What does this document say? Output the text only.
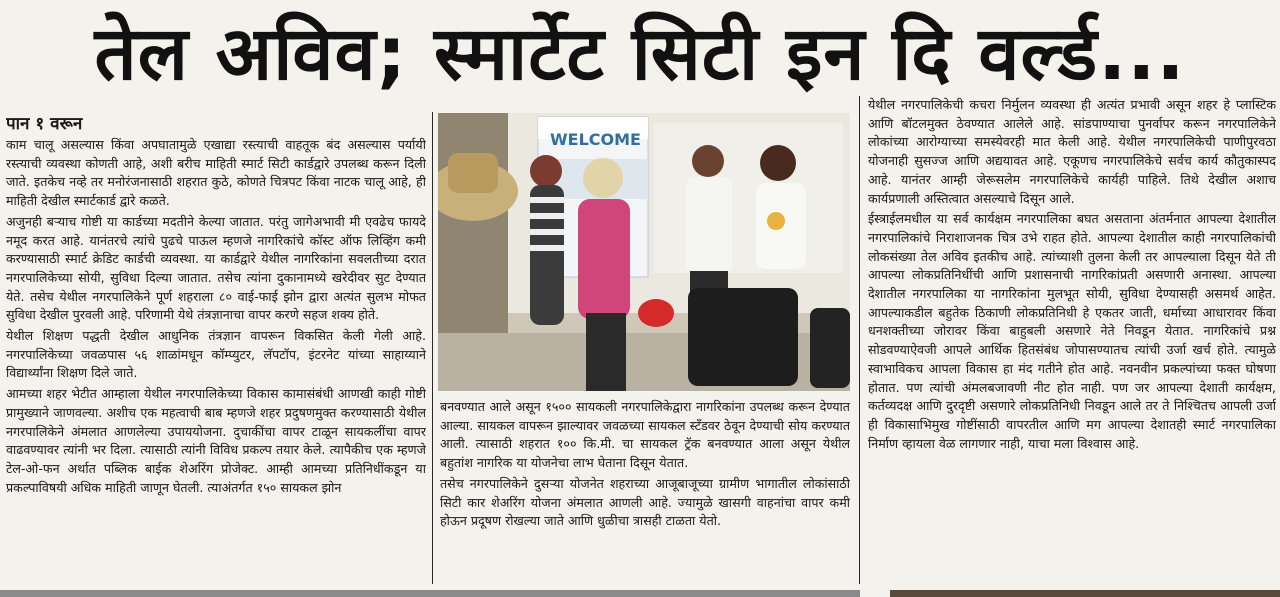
तेल अविव; स्मार्टेट सिटी इन दि वर्ल्ड...
पान १ वरून

काम चालू असल्यास किंवा अपघातामुळे एखाद्या रस्त्याची वाहतूक बंद असल्यास पर्यायी रस्त्याची व्यवस्था कोणती आहे, अशी बरीच माहिती स्मार्ट सिटी कार्डद्वारे उपलब्ध करून दिली जाते. इतकेच नव्हे तर मनोरंजनासाठी शहरात कुठे, कोणते चित्रपट किंवा नाटक चालू आहे, ही माहिती देखील स्मार्टकार्ड द्वारे कळते.

अजुनही बऱ्याच गोष्टी या कार्डच्या मदतीने केल्या जातात. परंतु जागेअभावी मी एवढेच फायदे नमूद करत आहे. यानंतरचे त्यांचे पुढचे पाऊल म्हणजे नागरिकांचे कॉस्ट ऑफ लिव्हिंग कमी करण्यासाठी स्मार्ट क्रेडिट कार्डची व्यवस्था. या कार्डद्वारे येथील नागरिकांना सवलतीच्या दरात नगरपालिकेच्या सोयी, सुविधा दिल्या जातात. तसेच त्यांना दुकानामध्ये खरेदीवर सुट देण्यात येते. तसेच येथील नगरपालिकेने पूर्ण शहराला ८० वाई-फाई झोन द्वारा अत्यंत सुलभ मोफत सुविधा देखील पुरवली आहे. परिणामी येथे तंत्रज्ञानाचा वापर करणे सहज शक्य होते.

येथील शिक्षण पद्धती देखील आधुनिक तंत्रज्ञान वापरून विकसित केली गेली आहे. नगरपालिकेच्या जवळपास ५६ शाळांमधून कॉम्प्युटर, लॅपटॉप, इंटरनेट यांच्या साहाय्याने विद्यार्थ्यांना शिक्षण दिले जाते.

आमच्या शहर भेटीत आम्हाला येथील नगरपालिकेच्या विकास कामासंबंधी आणखी काही गोष्टी प्रामुख्याने जाणवल्या. अशीच एक महत्वाची बाब म्हणजे शहर प्रदुषणमुक्त करण्यासाठी येथील नगरपालिकेने अंमलात आणलेल्या उपाययोजना. दुचाकींचा वापर टाळून सायकलींचा वापर वाढवण्यावर त्यांनी भर दिला. त्यासाठी त्यांनी विविध प्रकल्प तयार केले. त्यापैकीच एक म्हणजे टेल-ओ-फन अर्थात पब्लिक बाईक शेअरिंग प्रोजेक्ट. आम्ही आमच्या प्रतिनिधींकडून या प्रकल्पाविषयी अधिक माहिती जाणून घेतली. त्याअंतर्गत १५० सायकल झोन

WELCOME

बनवण्यात आले असून १५०० सायकली नगरपालिकेद्वारा नागरिकांना उपलब्ध करून देण्यात आल्या. सायकल वापरून झाल्यावर जवळच्या सायकल स्टँडवर ठेवून देण्याची सोय करण्यात आली. त्यासाठी शहरात १०० कि.मी. चा सायकल ट्रॅक बनवण्यात आला असून येथील बहुतांश नागरिक या योजनेचा लाभ घेताना दिसून येतात.

तसेच नगरपालिकेने दुसऱ्या योजनेत शहराच्या आजूबाजूच्या ग्रामीण भागातील लोकांसाठी सिटी कार शेअरिंग योजना अंमलात आणली आहे. ज्यामुळे खासगी वाहनांचा वापर कमी होऊन प्रदूषण रोखल्या जाते आणि धुळीचा त्रासही टाळता येतो.

येथील नगरपालिकेची कचरा निर्मुलन व्यवस्था ही अत्यंत प्रभावी असून शहर हे प्लास्टिक आणि बॉटलमुक्त ठेवण्यात आलेले आहे. सांडपाण्याचा पुनर्वापर करून नगरपालिकेने लोकांच्या आरोग्याच्या समस्येवरही मात केली आहे. येथील नगरपालिकेची पाणीपुरवठा योजनाही सुसज्ज आणि अद्ययावत आहे. एकूणच नगरपालिकेचे सर्वच कार्य कौतुकास्पद आहे. यानंतर आम्ही जेरूसलेम नगरपालिकेचे कार्यही पाहिले. तिथे देखील अशाच कार्यप्रणाली अस्तित्वात असल्याचे दिसून आले.

ईस्त्राईलमधील या सर्व कार्यक्षम नगरपालिका बघत असताना अंतर्मनात आपल्या देशातील नगरपालिकांचे निराशाजनक चित्र उभे राहत होते. आपल्या देशातील काही नगरपालिकांची लोकसंख्या तेल अविव इतकीच आहे. त्यांच्याशी तुलना केली तर आपल्याला दिसून येते ती आपल्या लोकप्रतिनिधींची आणि प्रशासनाची नागरिकांप्रती असणारी अनास्था. आपल्या देशातील नगरपालिका या नागरिकांना मुलभूत सोयी, सुविधा देण्यासही असमर्थ आहेत. आपल्याकडील बहुतेक ठिकाणी लोकप्रतिनिधी हे एकतर जाती, धर्माच्या आधारावर किंवा धनशक्तीच्या जोरावर किंवा बाहुबली असणारे नेते निवडून येतात. नागरिकांचे प्रश्न सोडवण्याऐवजी आपले आर्थिक हितसंबंध जोपासण्यातच त्यांची उर्जा खर्च होते. त्यामुळे स्वाभाविकच आपला विकास हा मंद गतीने होत आहे. नवनवीन प्रकल्पांच्या फक्त घोषणा होतात. पण त्यांची अंमलबजावणी नीट होत नाही. पण जर आपल्या देशाती कार्यक्षम, कर्तव्यदक्ष आणि दुरदृष्टी असणारे लोकप्रतिनिधी निवडून आले तर ते निश्चितच आपली उर्जा ही विकासाभिमुख गोष्टींसाठी वापरतील आणि मग आपल्या देशातही स्मार्ट नगरपालिका निर्माण व्हायला वेळ लागणार नाही, याचा मला विश्वास आहे.
